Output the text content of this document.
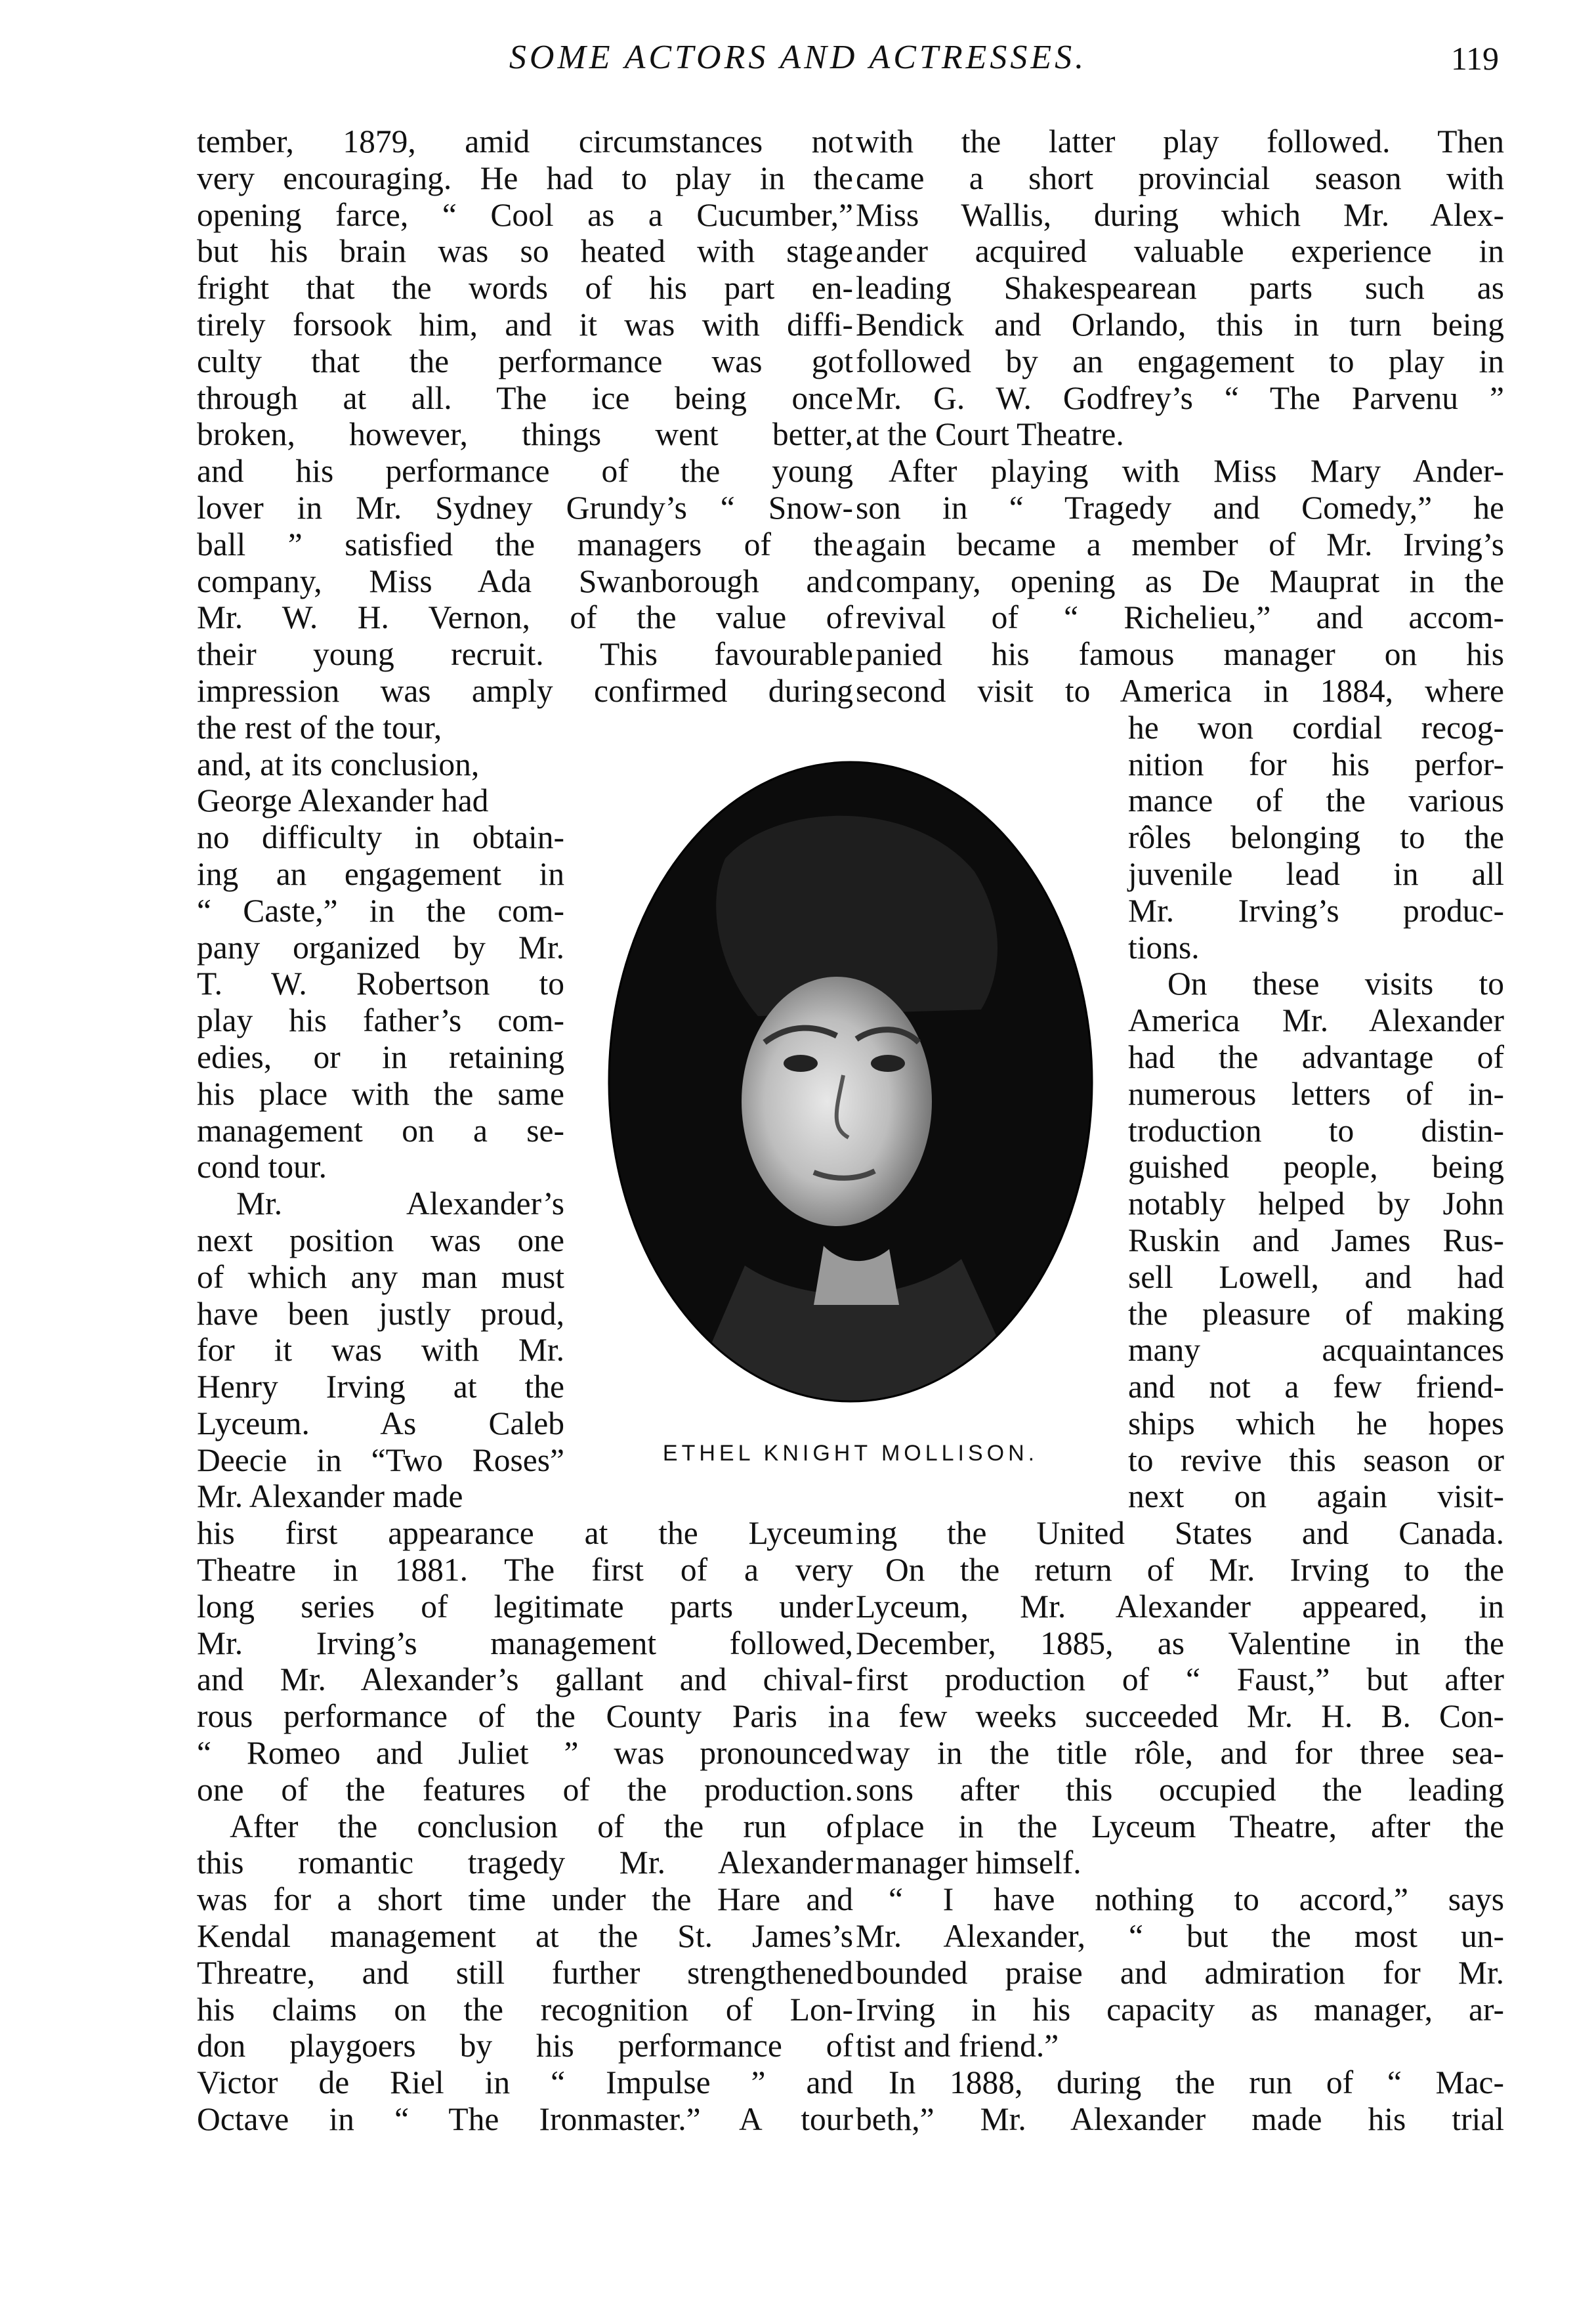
SOME ACTORS AND ACTRESSES.	119
tember, 1879, amid circumstances not
very encouraging. He had to play in the
opening farce, “ Cool as a Cucumber,”
but his brain was so heated with stage
fright that the words of his part en-
tirely forsook him, and it was with diffi-
culty that the performance was got
through at all. The ice being once
broken, however, things went better,
and his performance of the young
lover in Mr. Sydney Grundy’s “ Snow-
ball ” satisfied the managers of the
company, Miss Ada Swanborough and
Mr. W. H. Vernon, of the value of
their young recruit. This favourable
impression was amply confirmed during
the rest of the tour,
and, at its conclusion,
George Alexander had
no difficulty in obtain-
ing an engagement in
“ Caste,” in the com-
pany organized by Mr.
T. W. Robertson to
play his father’s com-
edies, or in retaining
his place with the same
management on a se-
cond tour.
Mr. Alexander’s
next position was one
of which any man must
have been justly proud,
for it was with Mr.
Henry Irving at the
Lyceum. As Caleb
Deecie in “Two Roses”
Mr. Alexander made
his first appearance at the Lyceum
Theatre in 1881. The first of a very
long series of legitimate parts under
Mr. Irving’s management followed,
and Mr. Alexander’s gallant and chival-
rous performance of the County Paris in
“ Romeo and Juliet ” was pronounced
one of the features of the production.
After the conclusion of the run of
this romantic tragedy Mr. Alexander
was for a short time under the Hare and
Kendal management at the St. James’s
Threatre, and still further strengthened
his claims on the recognition of Lon-
don playgoers by his performance of
Victor de Riel in “ Impulse ” and
Octave in “ The Ironmaster.” A tour
with the latter play followed. Then
came a short provincial season with
Miss Wallis, during which Mr. Alex-
ander acquired valuable experience in
leading Shakespearean parts such as
Bendick and Orlando, this in turn being
followed by an engagement to play in
Mr. G. W. Godfrey’s “ The Parvenu ”
at the Court Theatre.
After playing with Miss Mary Ander-
son in “ Tragedy and Comedy,” he
again became a member of Mr. Irving’s
company, opening as De Mauprat in the
revival of “ Richelieu,” and accom-
panied his famous manager on his
second visit to America in 1884, where
he won cordial recog-
nition for his perfor-
mance of the various
rôles belonging to the
juvenile lead in all
Mr. Irving’s produc-
tions.
On these visits to
America Mr. Alexander
had the advantage of
numerous letters of in-
troduction to distin-
guished people, being
notably helped by John
Ruskin and James Rus-
sell Lowell, and had
the pleasure of making
many acquaintances
and not a few friend-
ships which he hopes
to revive this season or
next on again visit-
ing the United States and Canada.
On the return of Mr. Irving to the
Lyceum, Mr. Alexander appeared, in
December, 1885, as Valentine in the
first production of “ Faust,” but after
a few weeks succeeded Mr. H. B. Con-
way in the title rôle, and for three sea-
sons after this occupied the leading
place in the Lyceum Theatre, after the
manager himself.
“ I have nothing to accord,” says
Mr. Alexander, “ but the most un-
bounded praise and admiration for Mr.
Irving in his capacity as manager, ar-
tist and friend.”
In 1888, during the run of “ Mac-
beth,” Mr. Alexander made his trial
ETHEL KNIGHT MOLLISON.
